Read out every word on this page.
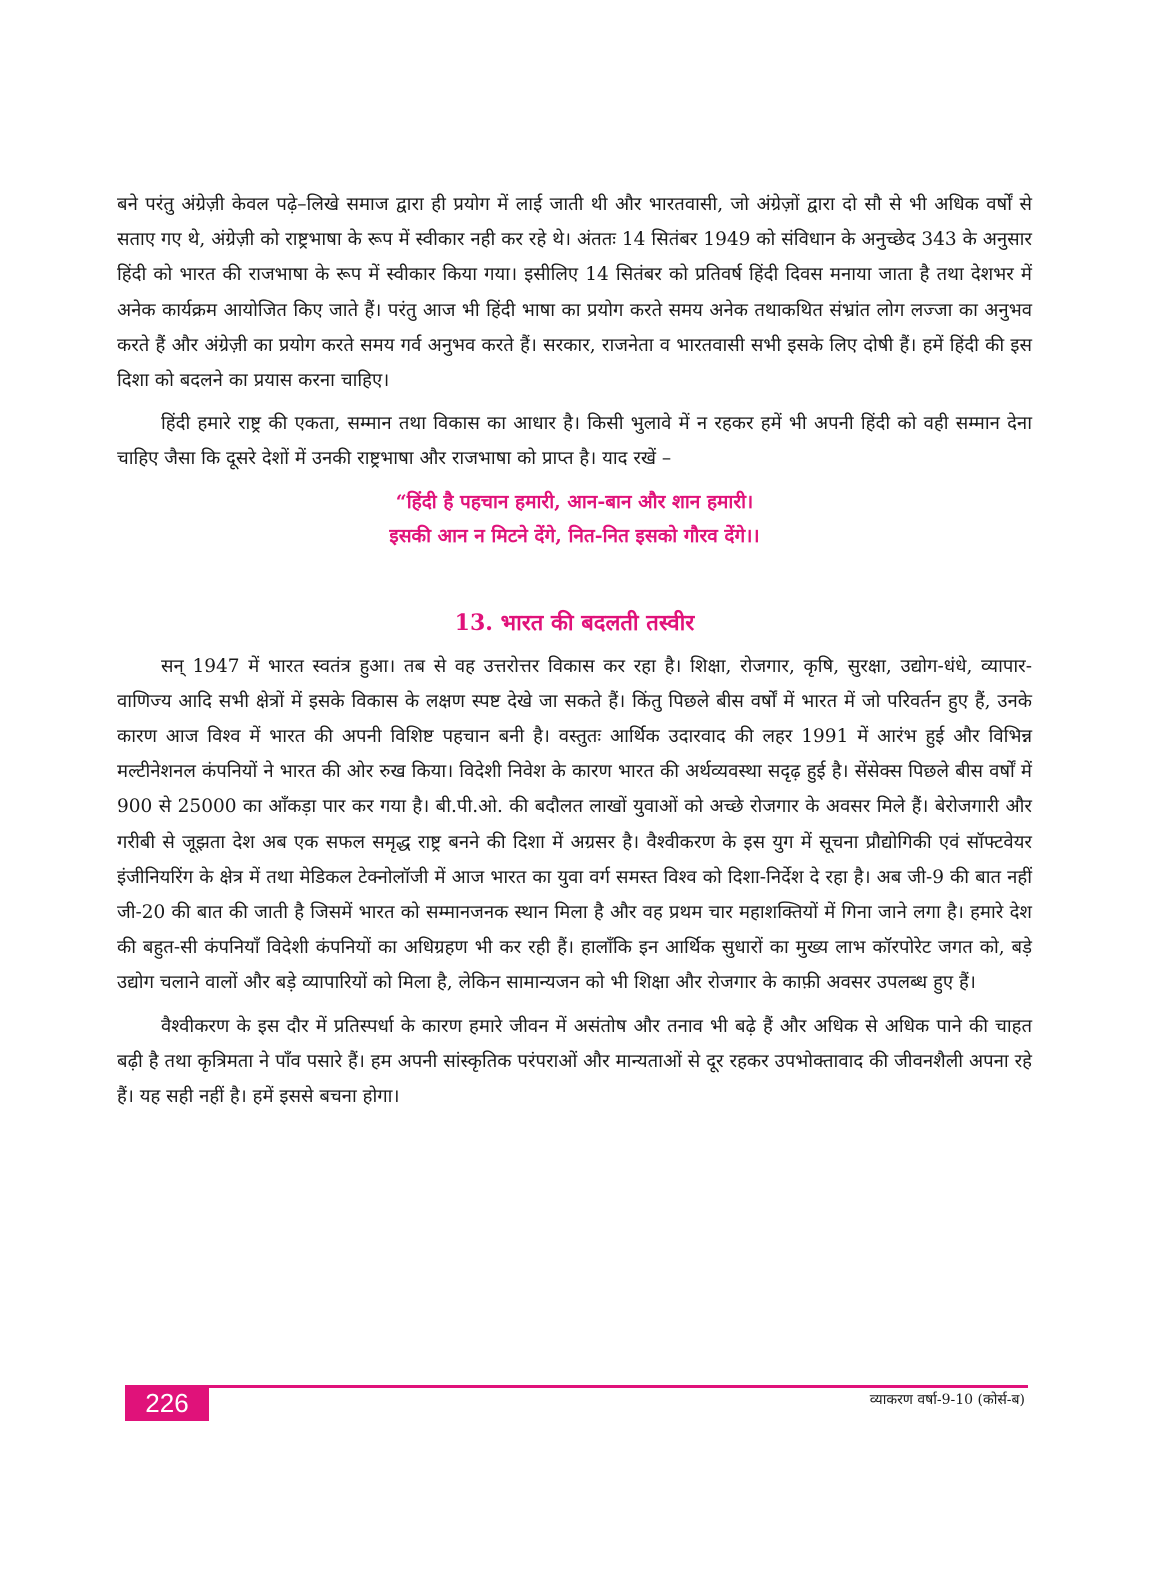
बने परंतु अंग्रेज़ी केवल पढ़े–लिखे समाज द्वारा ही प्रयोग में लाई जाती थी और भारतवासी, जो अंग्रेज़ों द्वारा दो सौ से भी अधिक वर्षों से सताए गए थे, अंग्रेज़ी को राष्ट्रभाषा के रूप में स्वीकार नही कर रहे थे। अंततः 14 सितंबर 1949 को संविधान के अनुच्छेद 343 के अनुसार हिंदी को भारत की राजभाषा के रूप में स्वीकार किया गया। इसीलिए 14 सितंबर को प्रतिवर्ष हिंदी दिवस मनाया जाता है तथा देशभर में अनेक कार्यक्रम आयोजित किए जाते हैं। परंतु आज भी हिंदी भाषा का प्रयोग करते समय अनेक तथाकथित संभ्रांत लोग लज्जा का अनुभव करते हैं और अंग्रेज़ी का प्रयोग करते समय गर्व अनुभव करते हैं। सरकार, राजनेता व भारतवासी सभी इसके लिए दोषी हैं। हमें हिंदी की इस दिशा को बदलने का प्रयास करना चाहिए।

हिंदी हमारे राष्ट्र की एकता, सम्मान तथा विकास का आधार है। किसी भुलावे में न रहकर हमें भी अपनी हिंदी को वही सम्मान देना चाहिए जैसा कि दूसरे देशों में उनकी राष्ट्रभाषा और राजभाषा को प्राप्त है। याद रखें –

“हिंदी है पहचान हमारी, आन-बान और शान हमारी।
इसकी आन न मिटने देंगे, नित-नित इसको गौरव देंगे।।
13. भारत की बदलती तस्वीर

सन् 1947 में भारत स्वतंत्र हुआ। तब से वह उत्तरोत्तर विकास कर रहा है। शिक्षा, रोजगार, कृषि, सुरक्षा, उद्योग-धंधे, व्यापार-वाणिज्य आदि सभी क्षेत्रों में इसके विकास के लक्षण स्पष्ट देखे जा सकते हैं। किंतु पिछले बीस वर्षों में भारत में जो परिवर्तन हुए हैं, उनके कारण आज विश्व में भारत की अपनी विशिष्ट पहचान बनी है। वस्तुतः आर्थिक उदारवाद की लहर 1991 में आरंभ हुई और विभिन्न मल्टीनेशनल कंपनियों ने भारत की ओर रुख किया। विदेशी निवेश के कारण भारत की अर्थव्यवस्था सदृढ़ हुई है। सेंसेक्स पिछले बीस वर्षों में 900 से 25000 का आँकड़ा पार कर गया है। बी.पी.ओ. की बदौलत लाखों युवाओं को अच्छे रोजगार के अवसर मिले हैं। बेरोजगारी और गरीबी से जूझता देश अब एक सफल समृद्ध राष्ट्र बनने की दिशा में अग्रसर है। वैश्वीकरण के इस युग में सूचना प्रौद्योगिकी एवं सॉफ्टवेयर इंजीनियरिंग के क्षेत्र में तथा मेडिकल टेक्नोलॉजी में आज भारत का युवा वर्ग समस्त विश्व को दिशा-निर्देश दे रहा है। अब जी-9 की बात नहीं जी-20 की बात की जाती है जिसमें भारत को सम्मानजनक स्थान मिला है और वह प्रथम चार महाशक्तियों में गिना जाने लगा है। हमारे देश की बहुत-सी कंपनियाँ विदेशी कंपनियों का अधिग्रहण भी कर रही हैं। हालाँकि इन आर्थिक सुधारों का मुख्य लाभ कॉरपोरेट जगत को, बड़े उद्योग चलाने वालों और बड़े व्यापारियों को मिला है, लेकिन सामान्यजन को भी शिक्षा और रोजगार के काफ़ी अवसर उपलब्ध हुए हैं।

वैश्वीकरण के इस दौर में प्रतिस्पर्धा के कारण हमारे जीवन में असंतोष और तनाव भी बढ़े हैं और अधिक से अधिक पाने की चाहत बढ़ी है तथा कृत्रिमता ने पाँव पसारे हैं। हम अपनी सांस्कृतिक परंपराओं और मान्यताओं से दूर रहकर उपभोक्तावाद की जीवनशैली अपना रहे हैं। यह सही नहीं है। हमें इससे बचना होगा।

226	व्याकरण वर्षा-9-10 (कोर्स-ब)
